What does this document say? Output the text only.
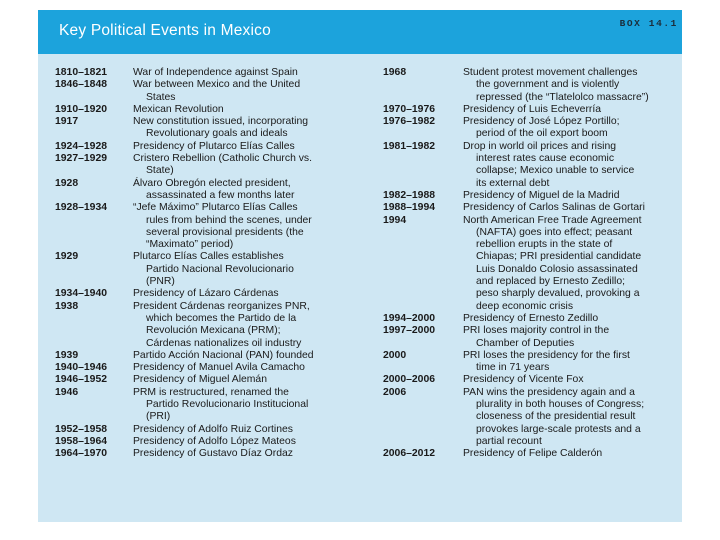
Key Political Events in Mexico	BOX 14.1
1810–1821 War of Independence against Spain
1846–1848 War between Mexico and the United
States
1910–1920 Mexican Revolution
1917	New constitution issued, incorporating
Revolutionary goals and ideals
1924–1928 Presidency of Plutarco Elías Calles
1927–1929 Cristero Rebellion (Catholic Church vs.
State)
1928	Álvaro Obregón elected president,
assassinated a few months later
1928–1934 “Jefe Máximo” Plutarco Elías Calles
rules from behind the scenes, under
several provisional presidents (the
“Maximato” period)
1929	Plutarco Elías Calles establishes
Partido Nacional Revolucionario
(PNR)
1934–1940 Presidency of Lázaro Cárdenas
1938	President Cárdenas reorganizes PNR,
which becomes the Partido de la
Revolución Mexicana (PRM);
Cárdenas nationalizes oil industry
1939	Partido Acción Nacional (PAN) founded
1940–1946 Presidency of Manuel Avila Camacho
1946–1952 Presidency of Miguel Alemán
1946	PRM is restructured, renamed the
Partido Revolucionario Institucional
(PRI)
1952–1958 Presidency of Adolfo Ruiz Cortines
1958–1964 Presidency of Adolfo López Mateos
1964–1970 Presidency of Gustavo Díaz Ordaz
1968	Student protest movement challenges
the government and is violently
repressed (the “Tlatelolco massacre”)
1970–1976	Presidency of Luis Echeverría
1976–1982	Presidency of José López Portillo;
period of the oil export boom
1981–1982	Drop in world oil prices and rising
interest rates cause economic
collapse; Mexico unable to service
its external debt
1982–1988	Presidency of Miguel de la Madrid
1988–1994	Presidency of Carlos Salinas de Gortari
1994	North American Free Trade Agreement
(NAFTA) goes into effect; peasant
rebellion erupts in the state of
Chiapas; PRI presidential candidate
Luis Donaldo Colosio assassinated
and replaced by Ernesto Zedillo;
peso sharply devalued, provoking a
deep economic crisis
1994–2000	Presidency of Ernesto Zedillo
1997–2000	PRI loses majority control in the
Chamber of Deputies
2000	PRI loses the presidency for the first
time in 71 years
2000–2006	Presidency of Vicente Fox
2006	PAN wins the presidency again and a
plurality in both houses of Congress;
closeness of the presidential result
provokes large-scale protests and a
partial recount
2006–2012	Presidency of Felipe Calderón
